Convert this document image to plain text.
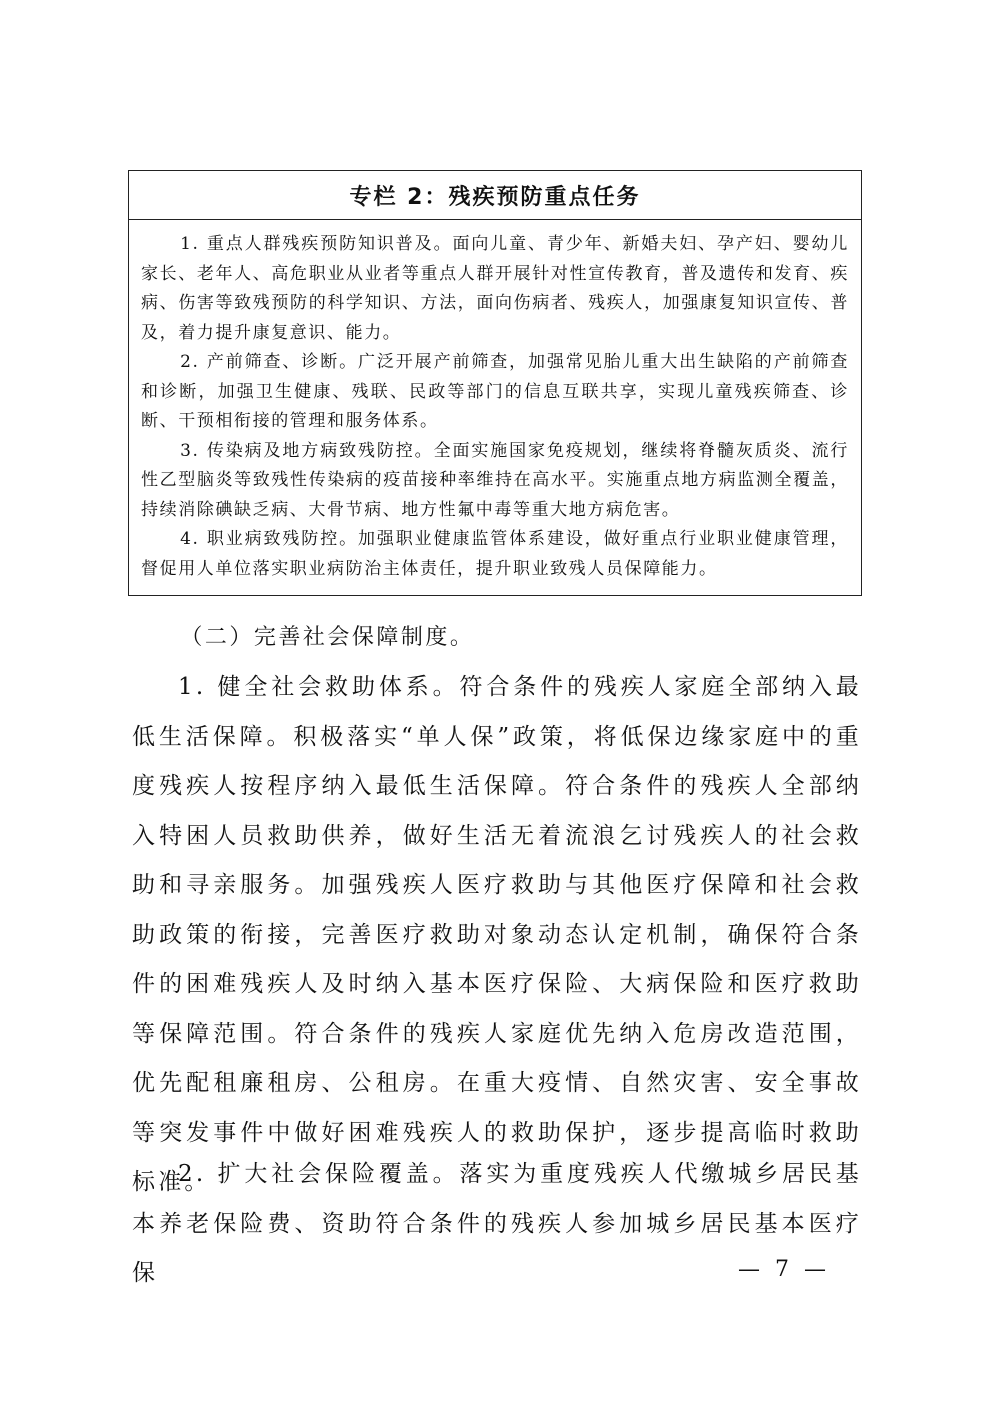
专栏 2：残疾预防重点任务

1. 重点人群残疾预防知识普及。面向儿童、青少年、新婚夫妇、孕产妇、婴幼儿家长、老年人、高危职业从业者等重点人群开展针对性宣传教育，普及遗传和发育、疾病、伤害等致残预防的科学知识、方法，面向伤病者、残疾人，加强康复知识宣传、普及，着力提升康复意识、能力。

2. 产前筛查、诊断。广泛开展产前筛查，加强常见胎儿重大出生缺陷的产前筛查和诊断，加强卫生健康、残联、民政等部门的信息互联共享，实现儿童残疾筛查、诊断、干预相衔接的管理和服务体系。

3. 传染病及地方病致残防控。全面实施国家免疫规划，继续将脊髓灰质炎、流行性乙型脑炎等致残性传染病的疫苗接种率维持在高水平。实施重点地方病监测全覆盖，持续消除碘缺乏病、大骨节病、地方性氟中毒等重大地方病危害。

4. 职业病致残防控。加强职业健康监管体系建设，做好重点行业职业健康管理，督促用人单位落实职业病防治主体责任，提升职业致残人员保障能力。

（二）完善社会保障制度。

1. 健全社会救助体系。符合条件的残疾人家庭全部纳入最低生活保障。积极落实“单人保”政策，将低保边缘家庭中的重度残疾人按程序纳入最低生活保障。符合条件的残疾人全部纳入特困人员救助供养，做好生活无着流浪乞讨残疾人的社会救助和寻亲服务。加强残疾人医疗救助与其他医疗保障和社会救助政策的衔接，完善医疗救助对象动态认定机制，确保符合条件的困难残疾人及时纳入基本医疗保险、大病保险和医疗救助等保障范围。符合条件的残疾人家庭优先纳入危房改造范围，优先配租廉租房、公租房。在重大疫情、自然灾害、安全事故等突发事件中做好困难残疾人的救助保护，逐步提高临时救助标准。

2. 扩大社会保险覆盖。落实为重度残疾人代缴城乡居民基本养老保险费、资助符合条件的残疾人参加城乡居民基本医疗保	— 7 —
